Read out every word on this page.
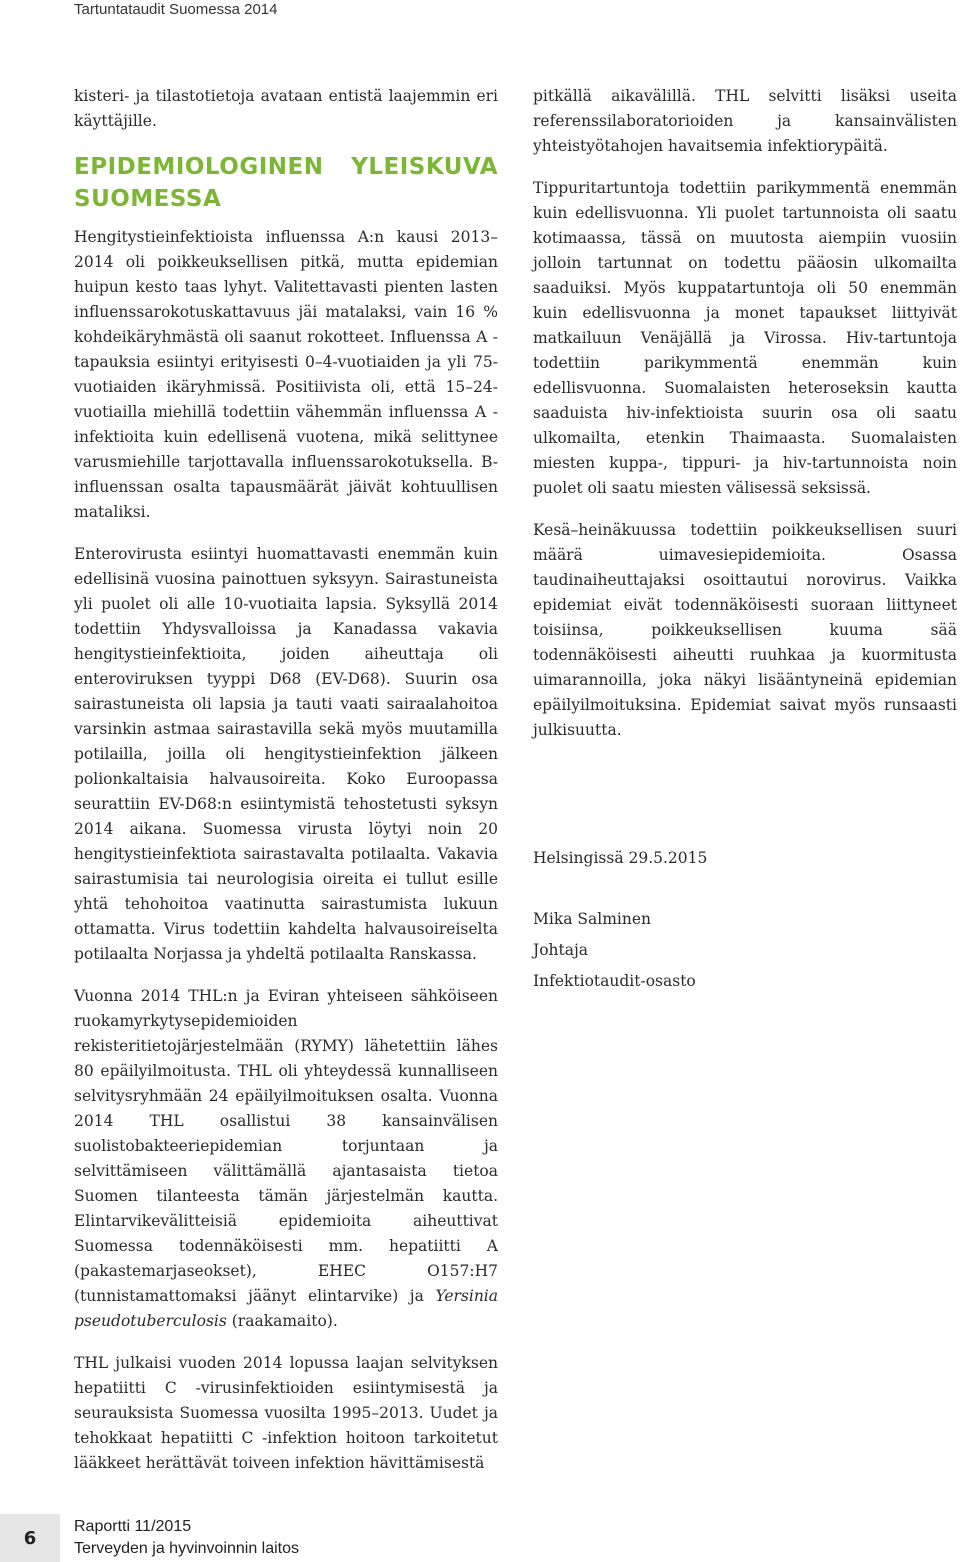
Tartuntataudit Suomessa 2014

kisteri- ja tilastotietoja avataan entistä laajemmin eri käyttäjille.

EPIDEMIOLOGINEN YLEISKUVA SUOMESSA

Hengitystieinfektioista influenssa A:n kausi 2013–2014 oli poikkeuksellisen pitkä, mutta epidemian huipun kesto taas lyhyt. Valitettavasti pienten lasten influenssarokotuskattavuus jäi matalaksi, vain 16 % kohdeikäryhmästä oli saanut rokotteet. Influenssa A -tapauksia esiintyi erityisesti 0–4-vuotiaiden ja yli 75-vuotiaiden ikäryhmissä. Positiivista oli, että 15–24-vuotiailla miehillä todettiin vähemmän influenssa A -infektioita kuin edellisenä vuotena, mikä selittynee varusmiehille tarjottavalla influenssarokotuksella. B-influenssan osalta tapausmäärät jäivät kohtuullisen mataliksi.

Enterovirusta esiintyi huomattavasti enemmän kuin edellisinä vuosina painottuen syksyyn. Sairastuneista yli puolet oli alle 10-vuotiaita lapsia. Syksyllä 2014 todettiin Yhdysvalloissa ja Kanadassa vakavia hengitystieinfektioita, joiden aiheuttaja oli enteroviruksen tyyppi D68 (EV-D68). Suurin osa sairastuneista oli lapsia ja tauti vaati sairaalahoitoa varsinkin astmaa sairastavilla sekä myös muutamilla potilailla, joilla oli hengitystieinfektion jälkeen polionkaltaisia halvausoireita. Koko Euroopassa seurattiin EV-D68:n esiintymistä tehostetusti syksyn 2014 aikana. Suomessa virusta löytyi noin 20 hengitystieinfektiota sairastavalta potilaalta. Vakavia sairastumisia tai neurologisia oireita ei tullut esille yhtä tehohoitoa vaatinutta sairastumista lukuun ottamatta. Virus todettiin kahdelta halvausoireiselta potilaalta Norjassa ja yhdeltä potilaalta Ranskassa.

Vuonna 2014 THL:n ja Eviran yhteiseen sähköiseen ruokamyrkytysepidemioiden rekisteritietojärjestelmään (RYMY) lähetettiin lähes 80 epäilyilmoitusta. THL oli yhteydessä kunnalliseen selvitysryhmään 24 epäilyilmoituksen osalta. Vuonna 2014 THL osallistui 38 kansainvälisen suolistobakteeriepidemian torjuntaan ja selvittämiseen välittämällä ajantasaista tietoa Suomen tilanteesta tämän järjestelmän kautta. Elintarvikevälitteisiä epidemioita aiheuttivat Suomessa todennäköisesti mm. hepatiitti A (pakastemarjaseokset), EHEC O157:H7 (tunnistamattomaksi jäänyt elintarvike) ja Yersinia pseudotuberculosis (raakamaito).

THL julkaisi vuoden 2014 lopussa laajan selvityksen hepatiitti C -virusinfektioiden esiintymisestä ja seurauksista Suomessa vuosilta 1995–2013. Uudet ja tehokkaat hepatiitti C -infektion hoitoon tarkoitetut lääkkeet herättävät toiveen infektion hävittämisestä

pitkällä aikavälillä. THL selvitti lisäksi useita referenssilaboratorioiden ja kansainvälisten yhteistyötahojen havaitsemia infektiorypäitä.

Tippuritartuntoja todettiin parikymmentä enemmän kuin edellisvuonna. Yli puolet tartunnoista oli saatu kotimaassa, tässä on muutosta aiempiin vuosiin jolloin tartunnat on todettu pääosin ulkomailta saaduiksi. Myös kuppatartuntoja oli 50 enemmän kuin edellisvuonna ja monet tapaukset liittyivät matkailuun Venäjällä ja Virossa. Hiv-tartuntoja todettiin parikymmentä enemmän kuin edellisvuonna. Suomalaisten heteroseksin kautta saaduista hiv-infektioista suurin osa oli saatu ulkomailta, etenkin Thaimaasta. Suomalaisten miesten kuppa-, tippuri- ja hiv-tartunnoista noin puolet oli saatu miesten välisessä seksissä.

Kesä–heinäkuussa todettiin poikkeuksellisen suuri määrä uimavesiepidemioita. Osassa taudinaiheuttajaksi osoittautui norovirus. Vaikka epidemiat eivät todennäköisesti suoraan liittyneet toisiinsa, poikkeuksellisen kuuma sää todennäköisesti aiheutti ruuhkaa ja kuormitusta uimarannoilla, joka näkyi lisääntyneinä epidemian epäilyilmoituksina. Epidemiat saivat myös runsaasti julkisuutta.

Helsingissä 29.5.2015

Mika Salminen

Johtaja

Infektiotaudit-osasto

6
Raportti 11/2015
Terveyden ja hyvinvoinnin laitos
